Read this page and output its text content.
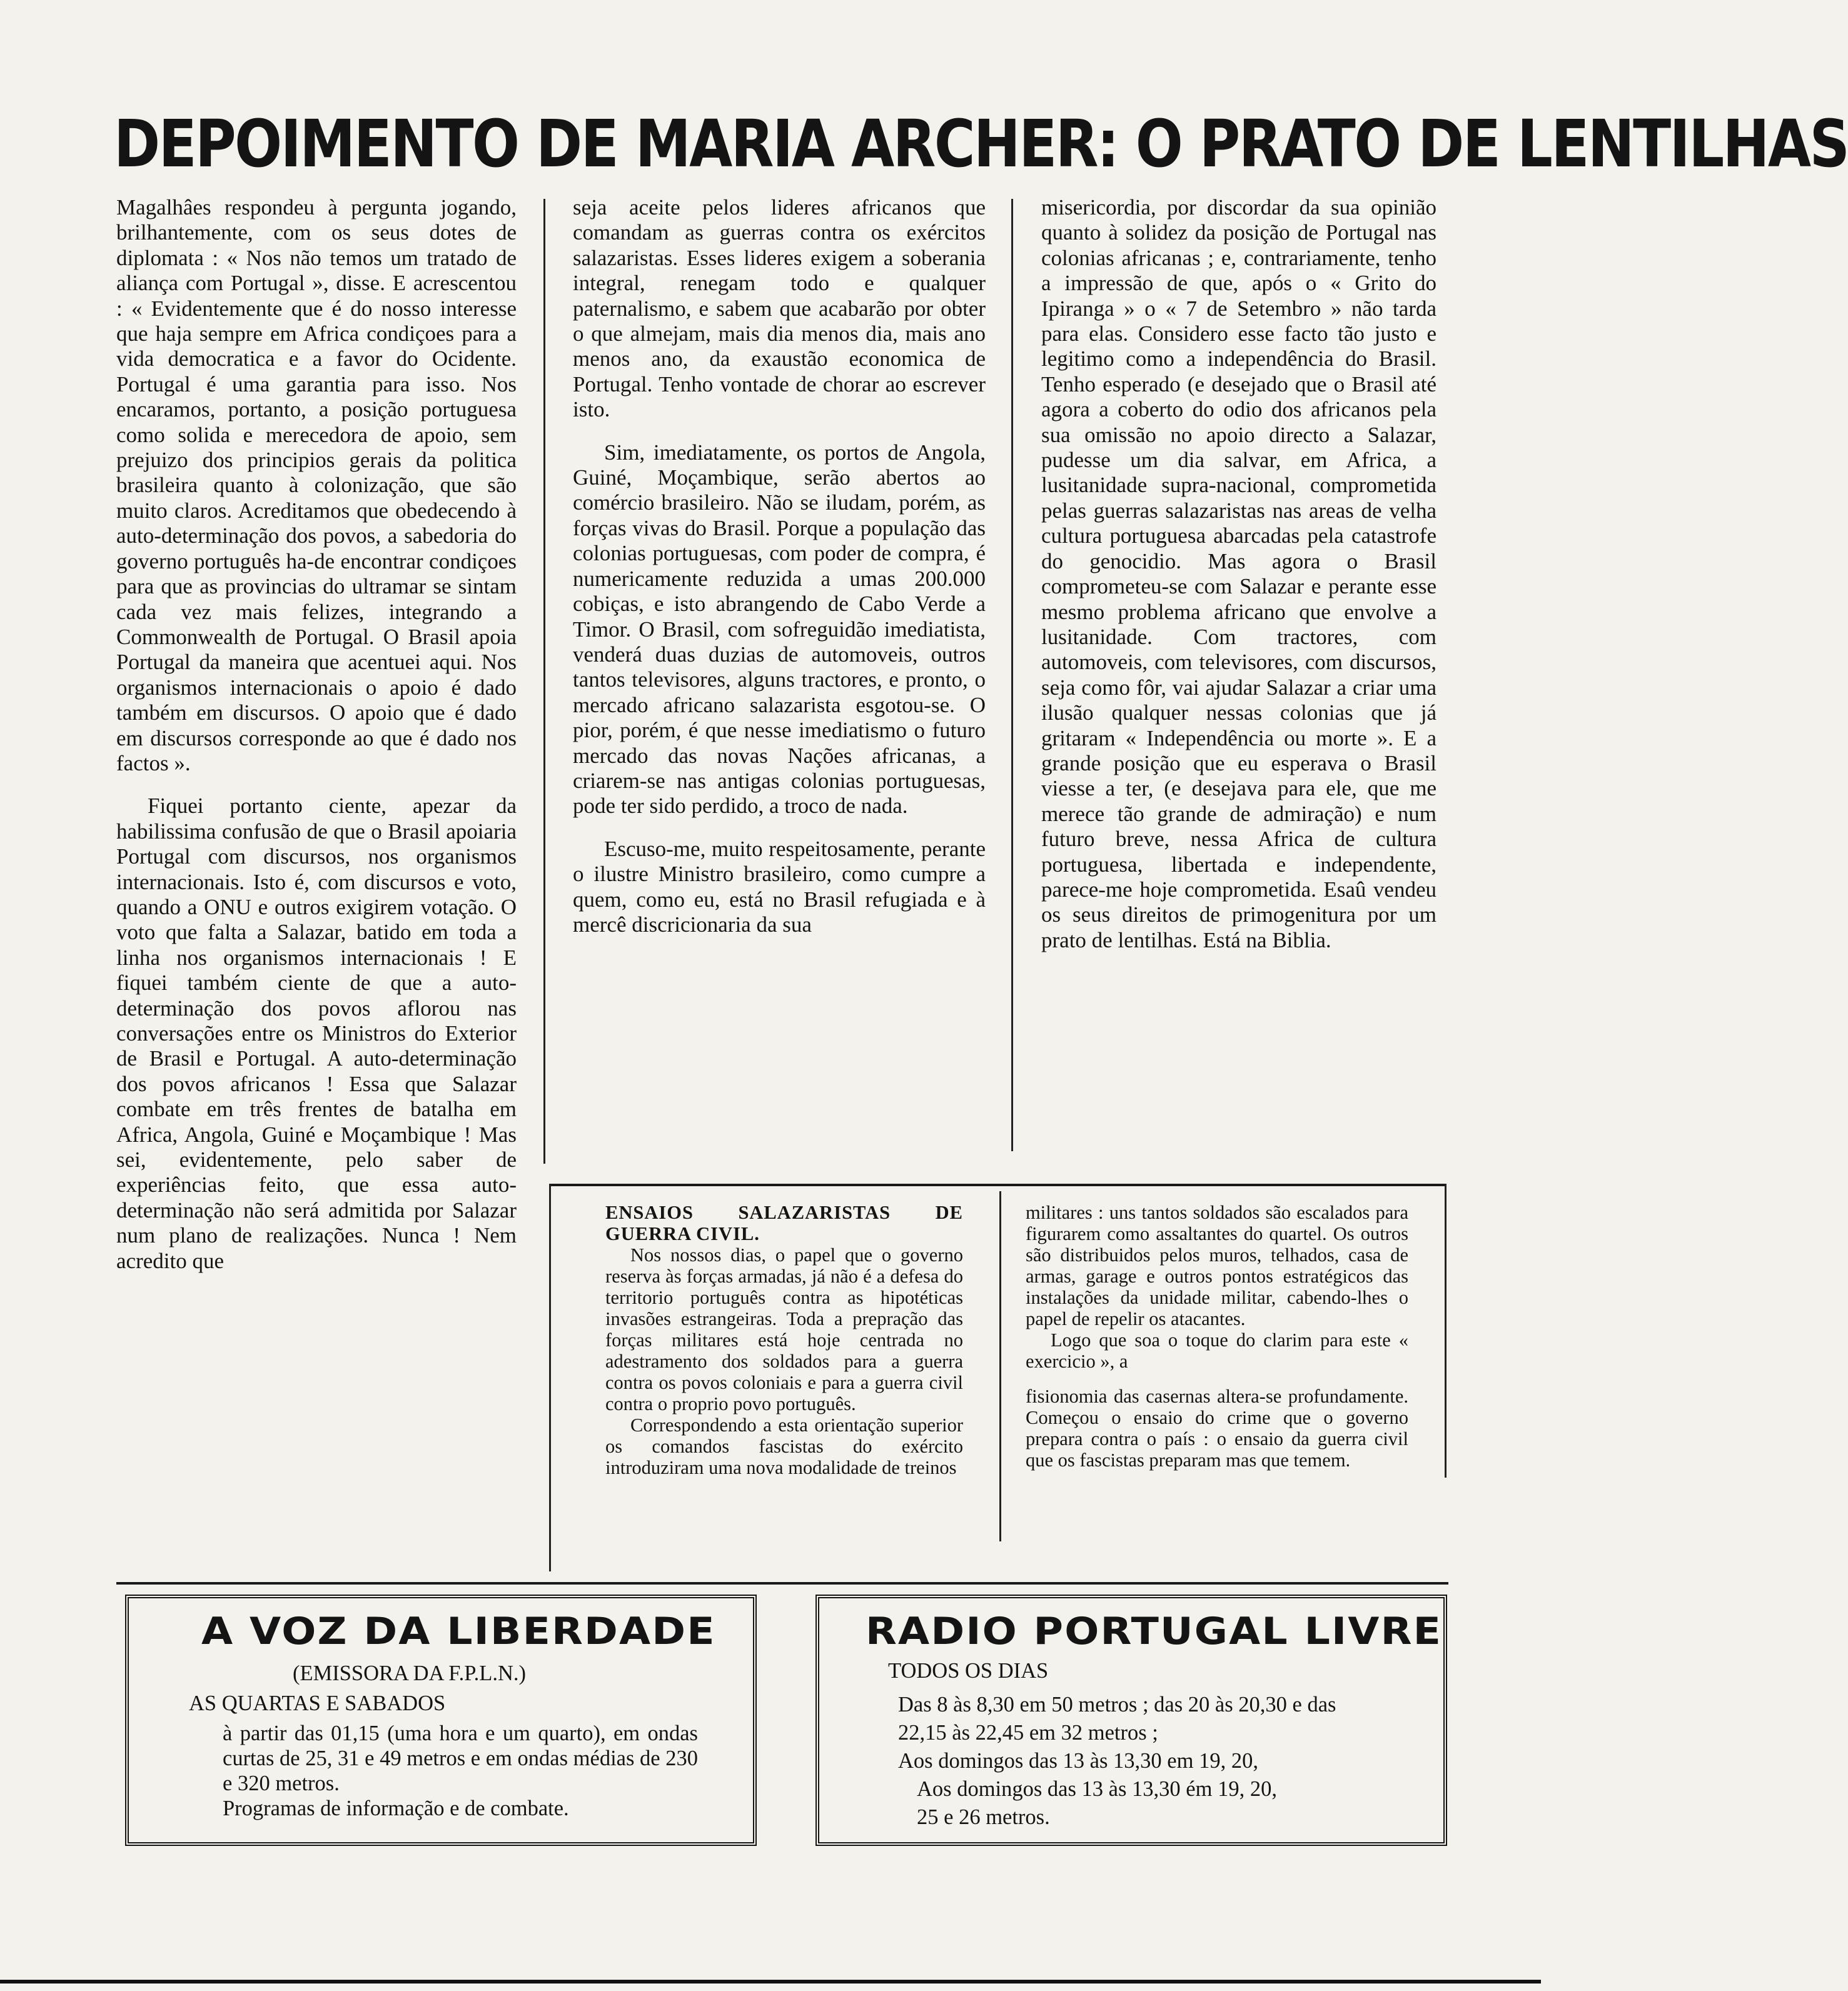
DEPOIMENTO DE MARIA ARCHER: O PRATO DE LENTILHAS

Magalhâes respondeu à pergunta jogando, brilhantemente, com os seus dotes de diplomata : « Nos não temos um tratado de aliança com Portugal », disse. E acrescentou : « Evidentemente que é do nosso interesse que haja sempre em Africa condiçoes para a vida democratica e a favor do Ocidente. Portugal é uma garantia para isso. Nos encaramos, portanto, a posição portuguesa como solida e merecedora de apoio, sem prejuizo dos principios gerais da politica brasileira quanto à colonização, que são muito claros. Acreditamos que obedecendo à auto-determinação dos povos, a sabedoria do governo português ha-de encontrar condiçoes para que as provincias do ultramar se sintam cada vez mais felizes, integrando a Commonwealth de Portugal. O Brasil apoia Portugal da maneira que acentuei aqui. Nos organismos internacionais o apoio é dado também em discursos. O apoio que é dado em discursos corresponde ao que é dado nos factos ».

Fiquei portanto ciente, apezar da habilissima confusão de que o Brasil apoiaria Portugal com discursos, nos organismos internacionais. Isto é, com discursos e voto, quando a ONU e outros exigirem votação. O voto que falta a Salazar, batido em toda a linha nos organismos internacionais ! E fiquei também ciente de que a auto-determinação dos povos aflorou nas conversações entre os Ministros do Exterior de Brasil e Portugal. A auto-determinação dos povos africanos ! Essa que Salazar combate em três frentes de batalha em Africa, Angola, Guiné e Moçambique ! Mas sei, evidentemente, pelo saber de experiências feito, que essa auto-determinação não será admitida por Salazar num plano de realizações. Nunca ! Nem acredito que

seja aceite pelos lideres africanos que comandam as guerras contra os exércitos salazaristas. Esses lideres exigem a soberania integral, renegam todo e qualquer paternalismo, e sabem que acabarão por obter o que almejam, mais dia menos dia, mais ano menos ano, da exaustão economica de Portugal. Tenho vontade de chorar ao escrever isto.

Sim, imediatamente, os portos de Angola, Guiné, Moçambique, serão abertos ao comércio brasileiro. Não se iludam, porém, as forças vivas do Brasil. Porque a população das colonias portuguesas, com poder de compra, é numericamente reduzida a umas 200.000 cobiças, e isto abrangendo de Cabo Verde a Timor. O Brasil, com sofreguidão imediatista, venderá duas duzias de automoveis, outros tantos televisores, alguns tractores, e pronto, o mercado africano salazarista esgotou-se. O pior, porém, é que nesse imediatismo o futuro mercado das novas Nações africanas, a criarem-se nas antigas colonias portuguesas, pode ter sido perdido, a troco de nada.

Escuso-me, muito respeitosamente, perante o ilustre Ministro brasileiro, como cumpre a quem, como eu, está no Brasil refugiada e à mercê discricionaria da sua

misericordia, por discordar da sua opinião quanto à solidez da posição de Portugal nas colonias africanas ; e, contrariamente, tenho a impressão de que, após o « Grito do Ipiranga » o « 7 de Setembro » não tarda para elas. Considero esse facto tão justo e legitimo como a independência do Brasil. Tenho esperado (e desejado que o Brasil até agora a coberto do odio dos africanos pela sua omissão no apoio directo a Salazar, pudesse um dia salvar, em Africa, a lusitanidade supra-nacional, comprometida pelas guerras salazaristas nas areas de velha cultura portuguesa abarcadas pela catastrofe do genocidio. Mas agora o Brasil comprometeu-se com Salazar e perante esse mesmo problema africano que envolve a lusitanidade. Com tractores, com automoveis, com televisores, com discursos, seja como fôr, vai ajudar Salazar a criar uma ilusão qualquer nessas colonias que já gritaram « Independência ou morte ». E a grande posição que eu esperava o Brasil viesse a ter, (e desejava para ele, que me merece tão grande de admiração) e num futuro breve, nessa Africa de cultura portuguesa, libertada e independente, parece-me hoje comprometida. Esaû vendeu os seus direitos de primogenitura por um prato de lentilhas. Está na Biblia.

ENSAIOS SALAZARISTAS DE GUERRA CIVIL.

Nos nossos dias, o papel que o governo reserva às forças armadas, já não é a defesa do territorio português contra as hipotéticas invasões estrangeiras. Toda a prepração das forças militares está hoje centrada no adestramento dos soldados para a guerra contra os povos coloniais e para a guerra civil contra o proprio povo português.

Correspondendo a esta orientação superior os comandos fascistas do exército introduziram uma nova modalidade de treinos

militares : uns tantos soldados são escalados para figurarem como assaltantes do quartel. Os outros são distribuidos pelos muros, telhados, casa de armas, garage e outros pontos estratégicos das instalações da unidade militar, cabendo-lhes o papel de repelir os atacantes.

Logo que soa o toque do clarim para este « exercicio », a

fisionomia das casernas altera-se profundamente. Começou o ensaio do crime que o governo prepara contra o país : o ensaio da guerra civil que os fascistas preparam mas que temem.

A VOZ DA LIBERDADE
(EMISSORA DA F.P.L.N.)
AS QUARTAS E SABADOS

à partir das 01,15 (uma hora e um quarto), em ondas curtas de 25, 31 e 49 metros e em ondas médias de 230 e 320 metros.

Programas de informação e de combate.

RADIO PORTUGAL LIVRE
TODOS OS DIAS

Das 8 às 8,30 em 50 metros ; das 20 às 20,30 e das 22,15 às 22,45 em 32 metros ;

Aos domingos das 13 às 13,30 em 19, 20,

Aos domingos das 13 às 13,30 ém 19, 20,

25 e 26 metros.
